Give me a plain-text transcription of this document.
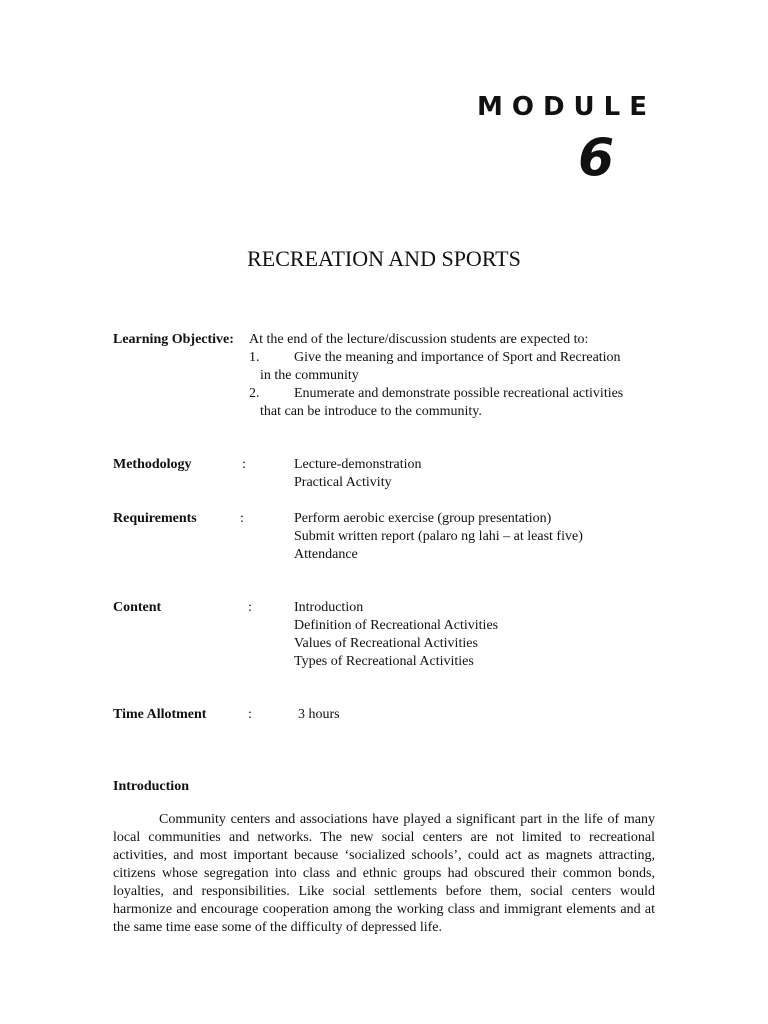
MODULE
6
RECREATION AND SPORTS
Learning Objective: At the end of the lecture/discussion students are expected to:
1. Give the meaning and importance of Sport and Recreation
in the community
2. Enumerate and demonstrate possible recreational activities
that can be introduce to the community.
Methodology	:	Lecture-demonstration
Practical Activity
Requirements	:	Perform aerobic exercise (group presentation)
Submit written report (palaro ng lahi – at least five)
Attendance
Content	:	Introduction
Definition of Recreational Activities
Values of Recreational Activities
Types of Recreational Activities
Time Allotment	:	3 hours
Introduction

Community centers and associations have played a significant part in the life of many local communities and networks. The new social centers are not limited to recreational activities, and most important because ‘socialized schools’, could act as magnets attracting, citizens whose segregation into class and ethnic groups had obscured their common bonds, loyalties, and responsibilities. Like social settlements before them, social centers would harmonize and encourage cooperation among the working class and immigrant elements and at the same time ease some of the difficulty of depressed life.
